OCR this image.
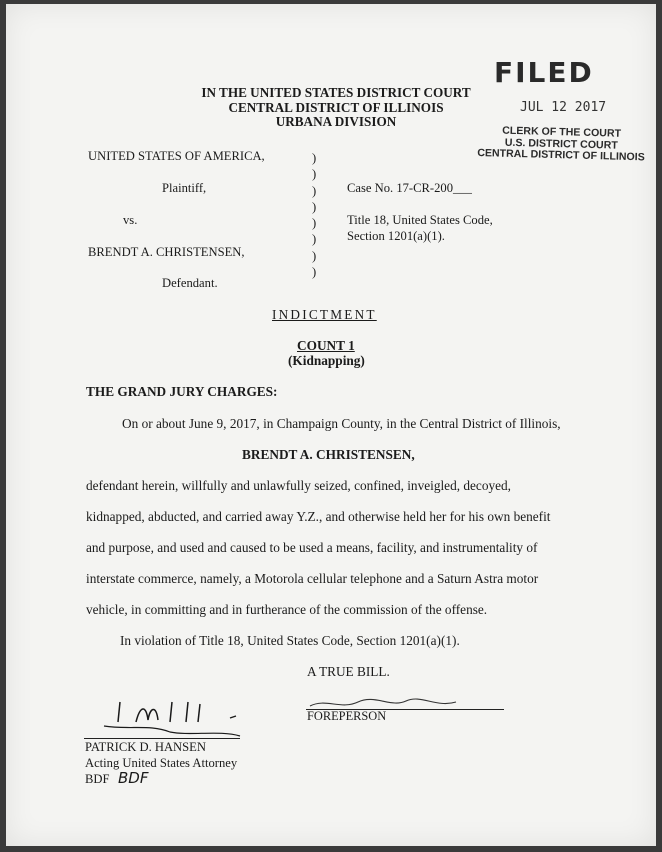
IN THE UNITED STATES DISTRICT COURT
CENTRAL DISTRICT OF ILLINOIS
URBANA DIVISION
FILED
JUL 12 2017
CLERK OF THE COURT
U.S. DISTRICT COURT
CENTRAL DISTRICT OF ILLINOIS
UNITED STATES OF AMERICA,
Plaintiff,
vs.
BRENDT A. CHRISTENSEN,
Defendant.
)
)
)
)
)
)
)
)
Case No. 17-CR-200___
Title 18, United States Code,
Section 1201(a)(1).
INDICTMENT
COUNT 1
(Kidnapping)
THE GRAND JURY CHARGES:
On or about June 9, 2017, in Champaign County, in the Central District of Illinois,
BRENDT A. CHRISTENSEN,
defendant herein, willfully and unlawfully seized, confined, inveigled, decoyed,
kidnapped, abducted, and carried away Y.Z., and otherwise held her for his own benefit
and purpose, and used and caused to be used a means, facility, and instrumentality of
interstate commerce, namely, a Motorola cellular telephone and a Saturn Astra motor
vehicle, in committing and in furtherance of the commission of the offense.
In violation of Title 18, United States Code, Section 1201(a)(1).
A TRUE BILL.
FOREPERSON
PATRICK D. HANSEN
Acting United States Attorney
BDF BDF
